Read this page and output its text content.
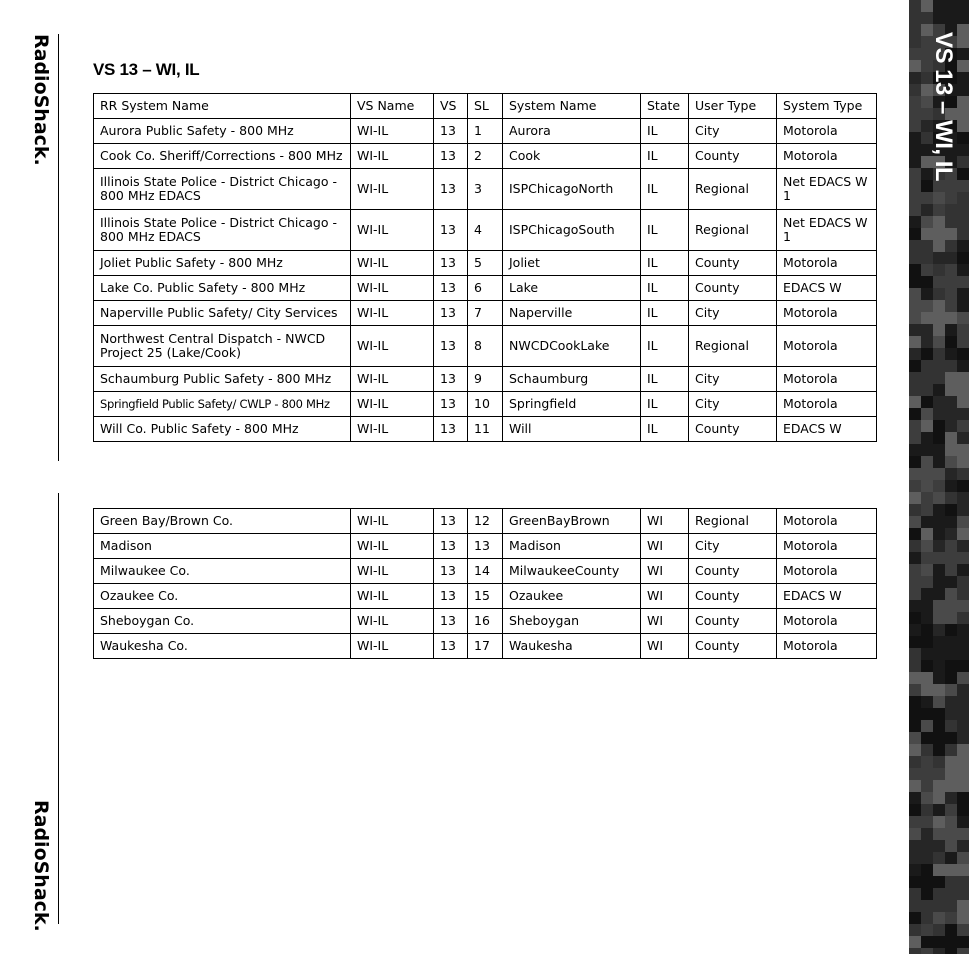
RadioShack.
RadioShack.
VS 13 – WI, IL
RR System Name	VS Name	VS	SL	System Name	State	User Type	System Type
Aurora Public Safety - 800 MHz	WI-IL	13	1	Aurora	IL	City	Motorola
Cook Co. Sheriff/Corrections - 800 MHz	WI-IL	13	2	Cook	IL	County	Motorola
Illinois State Police - District Chicago - 800 MHz EDACS	WI-IL	13	3	ISPChicagoNorth	IL	Regional	Net EDACS W 1
Illinois State Police - District Chicago - 800 MHz EDACS	WI-IL	13	4	ISPChicagoSouth	IL	Regional	Net EDACS W 1
Joliet Public Safety - 800 MHz	WI-IL	13	5	Joliet	IL	County	Motorola
Lake Co. Public Safety - 800 MHz	WI-IL	13	6	Lake	IL	County	EDACS W
Naperville Public Safety/ City Services	WI-IL	13	7	Naperville	IL	City	Motorola
Northwest Central Dispatch - NWCD Project 25 (Lake/Cook)	WI-IL	13	8	NWCDCookLake	IL	Regional	Motorola
Schaumburg Public Safety - 800 MHz	WI-IL	13	9	Schaumburg	IL	City	Motorola
Springfield Public Safety/ CWLP - 800 MHz	WI-IL	13	10	Springfield	IL	City	Motorola
Will Co. Public Safety - 800 MHz	WI-IL	13	11	Will	IL	County	EDACS W
Green Bay/Brown Co.	WI-IL	13	12	GreenBayBrown	WI	Regional	Motorola
Madison	WI-IL	13	13	Madison	WI	City	Motorola
Milwaukee Co.	WI-IL	13	14	MilwaukeeCounty	WI	County	Motorola
Ozaukee Co.	WI-IL	13	15	Ozaukee	WI	County	EDACS W
Sheboygan Co.	WI-IL	13	16	Sheboygan	WI	County	Motorola
Waukesha Co.	WI-IL	13	17	Waukesha	WI	County	Motorola
VS 13 – WI, IL
